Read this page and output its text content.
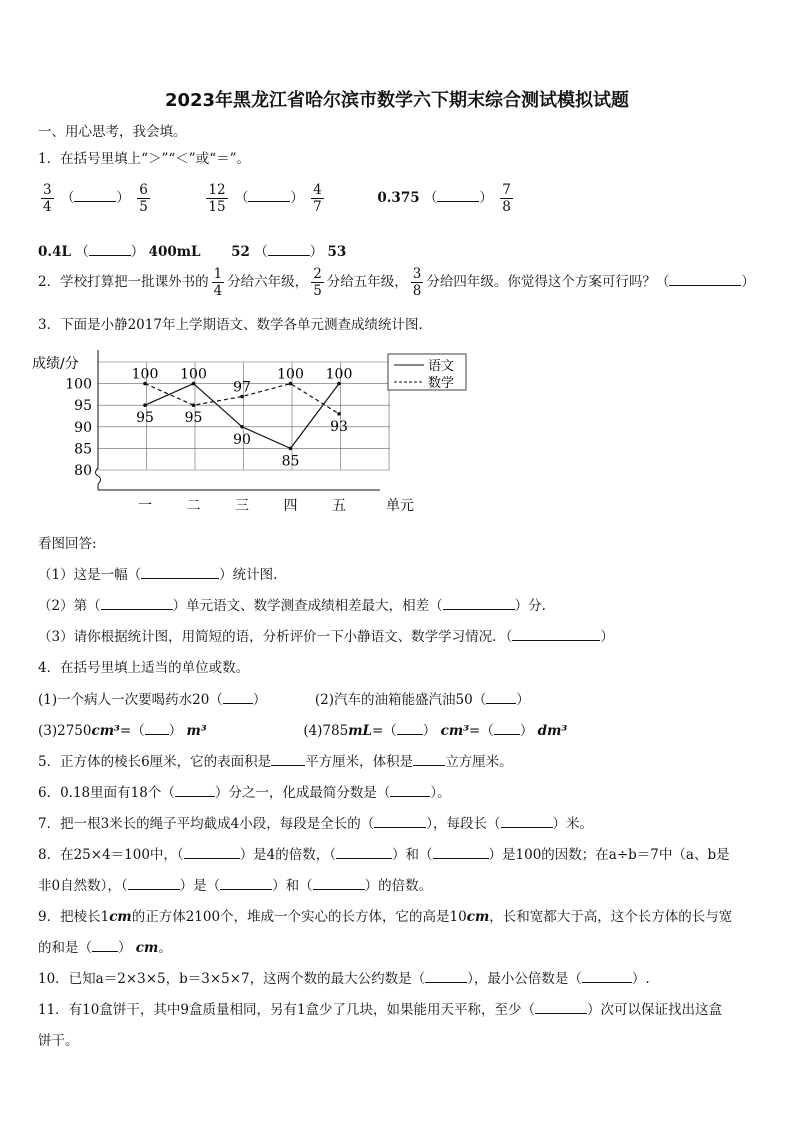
2023年黑龙江省哈尔滨市数学六下期末综合测试模拟试题
一、用心思考，我会填。
1．在括号里填上“＞”“＜”或“＝”。
$\frac{3}{4}$ （	） $\frac{6}{5}$
	$\frac{12}{15}$ （	） $\frac{4}{7}$	0.375 （	） $\frac{7}{8}$
0.4L （	） 400mL 52 （	） 53
2．学校打算把一批课外书的 $\frac{1}{4}$ 分给六年级， $\frac{2}{5}$ 分给五年级， $\frac{3}{8}$ 分给四年级。你觉得这个方案可行吗？（	）
3．下面是小静2017年上学期语文、数学各单元测查成绩统计图．
成绩/分
80
85
90
95
100
一 二 三 四 五	单元
95
100
90
85
100
100
95
97
100
93
语文
数学
看图回答:
（1）这是一幅（	）统计图.
（2）第（	）单元语文、数学测查成绩相差最大，相差（	）分.
（3）请你根据统计图，用简短的语，分析评价一下小静语文、数学学习情况．（	）
4．在括号里填上适当的单位或数。
(1)一个病人一次要喝药水20（ ）	(2)汽车的油箱能盛汽油50（ ）
(3)2750cm³=（ ） m³	(4)785mL=（ ） cm³=（ ） dm³
5．正方体的棱长6厘米，它的表面积是	平方厘米，体积是 立方厘米。
6．0.18里面有18个（	）分之一，化成最简分数是（	）。
7．把一根3米长的绳子平均截成4小段，每段是全长的（	），每段长（	）米。
8．在25×4＝100中，（	）是4的倍数，（	）和（	）是100的因数；在a÷b＝7中（a、b是
非0自然数），（	）是（	）和（	）的倍数。
9．把棱长1cm的正方体2100个，堆成一个实心的长方体，它的高是10cm，长和宽都大于高，这个长方体的长与宽
的和是（ ） cm。
10．已知a＝2×3×5，b＝3×5×7，这两个数的最大公约数是（	），最小公倍数是（	）.
11．有10盒饼干，其中9盒质量相同，另有1盒少了几块，如果能用天平称，至少（	）次可以保证找出这盒
饼干。
